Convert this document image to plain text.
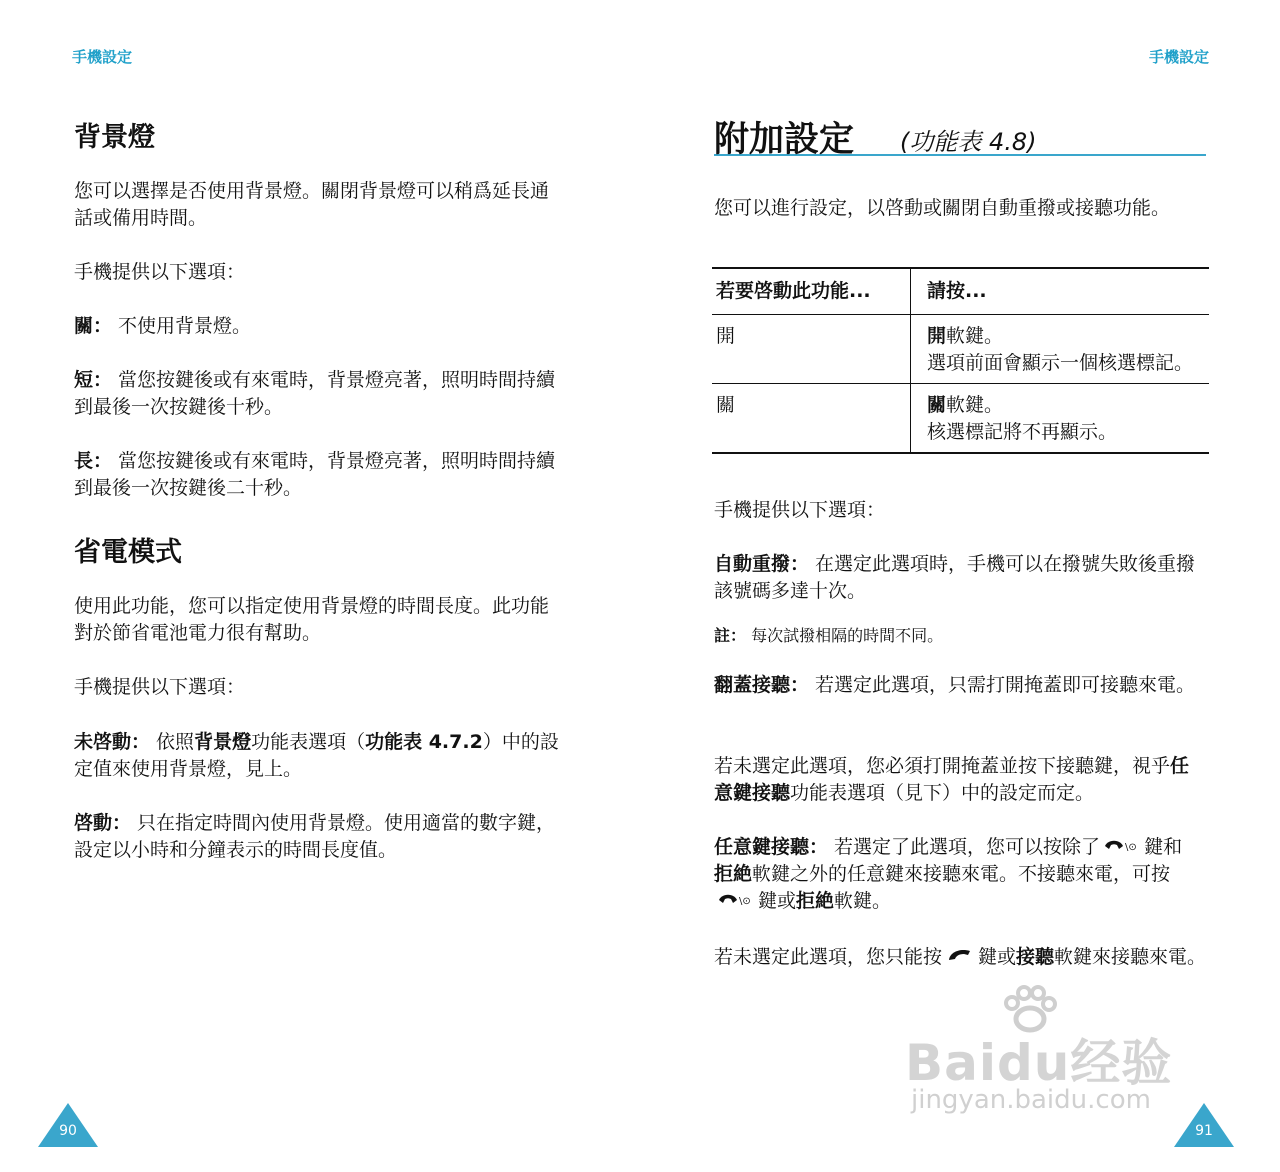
手機設定
背景燈
您可以選擇是否使用背景燈。關閉背景燈可以稍爲延長通話或備用時間。
手機提供以下選項：
關： 不使用背景燈。
短： 當您按鍵後或有來電時，背景燈亮著，照明時間持續到最後一次按鍵後十秒。
長： 當您按鍵後或有來電時，背景燈亮著，照明時間持續到最後一次按鍵後二十秒。
省電模式
使用此功能，您可以指定使用背景燈的時間長度。此功能對於節省電池電力很有幫助。
手機提供以下選項：
未啓動： 依照背景燈功能表選項（功能表 4.7.2）中的設定值來使用背景燈，見上。
啓動： 只在指定時間內使用背景燈。使用適當的數字鍵，設定以小時和分鐘表示的時間長度值。
90
手機設定
附加設定 (功能表 4.8)
您可以進行設定，以啓動或關閉自動重撥或接聽功能。
若要啓動此功能...	請按...
開	開軟鍵。
選項前面會顯示一個核選標記。

關	關軟鍵。
核選標記將不再顯示。
手機提供以下選項：
自動重撥： 在選定此選項時，手機可以在撥號失敗後重撥該號碼多達十次。
註： 每次試撥相隔的時間不同。
翻蓋接聽： 若選定此選項，只需打開掩蓋即可接聽來電。
若未選定此選項，您必須打開掩蓋並按下接聽鍵，視乎任意鍵接聽功能表選項（見下）中的設定而定。
任意鍵接聽： 若選定了此選項，您可以按除了	\⊙ 鍵和拒絶軟鍵之外的任意鍵來接聽來電。不接聽來電，可按
\⊙ 鍵或拒絶軟鍵。
若未選定此選項，您只能按 鍵或接聽軟鍵來接聽來電。
91
Baidu经验
jingyan.baidu.com
